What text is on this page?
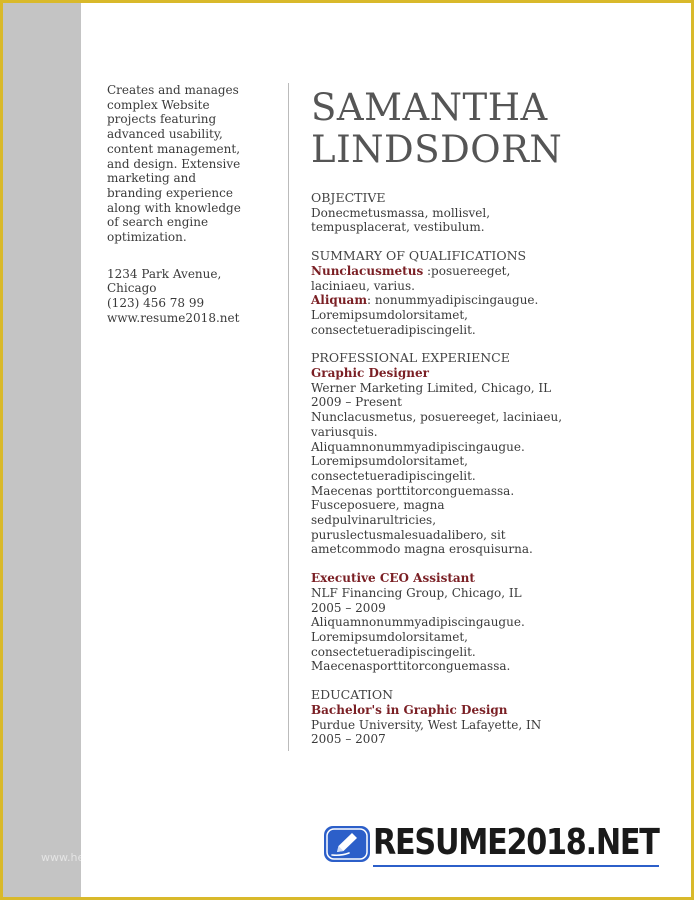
www.heritagechristiancollege.com

Creates and manages

complex Website

projects featuring

advanced usability,

content management,

and design. Extensive

marketing and

branding experience

along with knowledge

of search engine

optimization.

1234 Park Avenue,

Chicago

(123) 456 78 99

www.resume2018.net

SAMANTHA
LINDSDORN
OBJECTIVE

Donecmetusmassa, mollisvel,

tempusplacerat, vestibulum.

SUMMARY OF QUALIFICATIONS

Nunclacusmetus :posuereeget,

laciniaeu, varius.

Aliquam: nonummyadipiscingaugue.

Loremipsumdolorsitamet,

consectetueradipiscingelit.

PROFESSIONAL EXPERIENCE

Graphic Designer

Werner Marketing Limited, Chicago, IL

2009 – Present

Nunclacusmetus, posuereeget, laciniaeu,

variusquis.

Aliquamnonummyadipiscingaugue.

Loremipsumdolorsitamet,

consectetueradipiscingelit.

Maecenas porttitorconguemassa.

Fusceposuere, magna

sedpulvinarultricies,

puruslectusmalesuadalibero, sit

ametcommodo magna erosquisurna.

Executive CEO Assistant

NLF Financing Group, Chicago, IL

2005 – 2009

Aliquamnonummyadipiscingaugue.

Loremipsumdolorsitamet,

consectetueradipiscingelit.

Maecenasporttitorconguemassa.

EDUCATION

Bachelor's in Graphic Design

Purdue University, West Lafayette, IN

2005 – 2007

RESUME2018.NET
